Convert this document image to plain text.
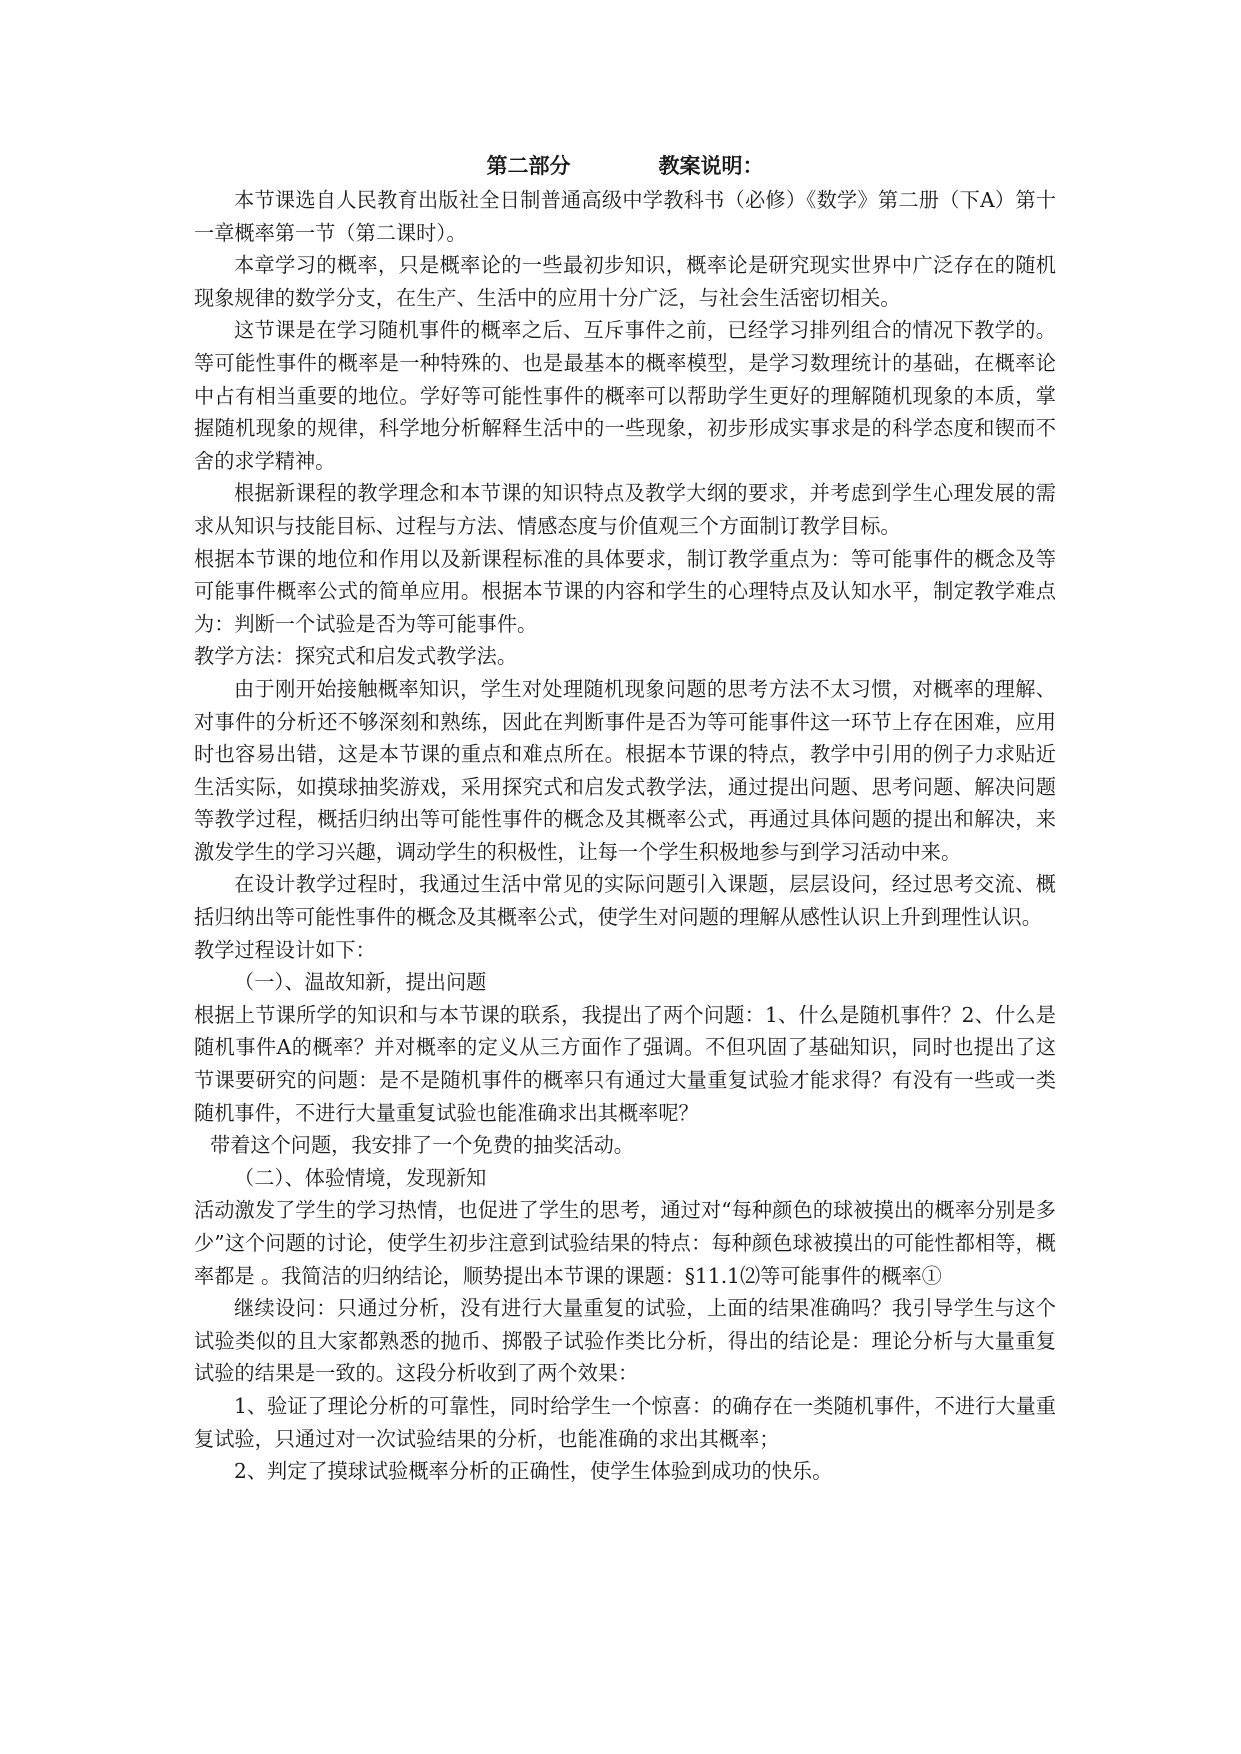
第二部分	教案说明：

本节课选自人民教育出版社全日制普通高级中学教科书（必修）《数学》第二册（下A）第十一章概率第一节（第二课时）。

本章学习的概率，只是概率论的一些最初步知识，概率论是研究现实世界中广泛存在的随机现象规律的数学分支，在生产、生活中的应用十分广泛，与社会生活密切相关。

这节课是在学习随机事件的概率之后、互斥事件之前，已经学习排列组合的情况下教学的。等可能性事件的概率是一种特殊的、也是最基本的概率模型，是学习数理统计的基础，在概率论中占有相当重要的地位。学好等可能性事件的概率可以帮助学生更好的理解随机现象的本质，掌握随机现象的规律，科学地分析解释生活中的一些现象，初步形成实事求是的科学态度和锲而不舍的求学精神。

根据新课程的教学理念和本节课的知识特点及教学大纲的要求，并考虑到学生心理发展的需求从知识与技能目标、过程与方法、情感态度与价值观三个方面制订教学目标。

根据本节课的地位和作用以及新课程标准的具体要求，制订教学重点为：等可能事件的概念及等可能事件概率公式的简单应用。根据本节课的内容和学生的心理特点及认知水平，制定教学难点为：判断一个试验是否为等可能事件。

教学方法：探究式和启发式教学法。

由于刚开始接触概率知识，学生对处理随机现象问题的思考方法不太习惯，对概率的理解、对事件的分析还不够深刻和熟练，因此在判断事件是否为等可能事件这一环节上存在困难，应用时也容易出错，这是本节课的重点和难点所在。根据本节课的特点，教学中引用的例子力求贴近生活实际，如摸球抽奖游戏，采用探究式和启发式教学法，通过提出问题、思考问题、解决问题等教学过程，概括归纳出等可能性事件的概念及其概率公式，再通过具体问题的提出和解决，来激发学生的学习兴趣，调动学生的积极性，让每一个学生积极地参与到学习活动中来。

在设计教学过程时，我通过生活中常见的实际问题引入课题，层层设问，经过思考交流、概括归纳出等可能性事件的概念及其概率公式，使学生对问题的理解从感性认识上升到理性认识。

教学过程设计如下：

（一）、温故知新，提出问题

根据上节课所学的知识和与本节课的联系，我提出了两个问题：1、什么是随机事件？2、什么是随机事件A的概率？并对概率的定义从三方面作了强调。不但巩固了基础知识，同时也提出了这节课要研究的问题：是不是随机事件的概率只有通过大量重复试验才能求得？有没有一些或一类随机事件，不进行大量重复试验也能准确求出其概率呢？

带着这个问题，我安排了一个免费的抽奖活动。

（二）、体验情境，发现新知

活动激发了学生的学习热情，也促进了学生的思考，通过对“每种颜色的球被摸出的概率分别是多少”这个问题的讨论，使学生初步注意到试验结果的特点：每种颜色球被摸出的可能性都相等，概率都是 。我简洁的归纳结论，顺势提出本节课的课题：§11.1⑵等可能事件的概率①

继续设问：只通过分析，没有进行大量重复的试验，上面的结果准确吗？我引导学生与这个试验类似的且大家都熟悉的抛币、掷骰子试验作类比分析，得出的结论是：理论分析与大量重复试验的结果是一致的。这段分析收到了两个效果：

1、验证了理论分析的可靠性，同时给学生一个惊喜：的确存在一类随机事件，不进行大量重复试验，只通过对一次试验结果的分析，也能准确的求出其概率；

2、判定了摸球试验概率分析的正确性，使学生体验到成功的快乐。
